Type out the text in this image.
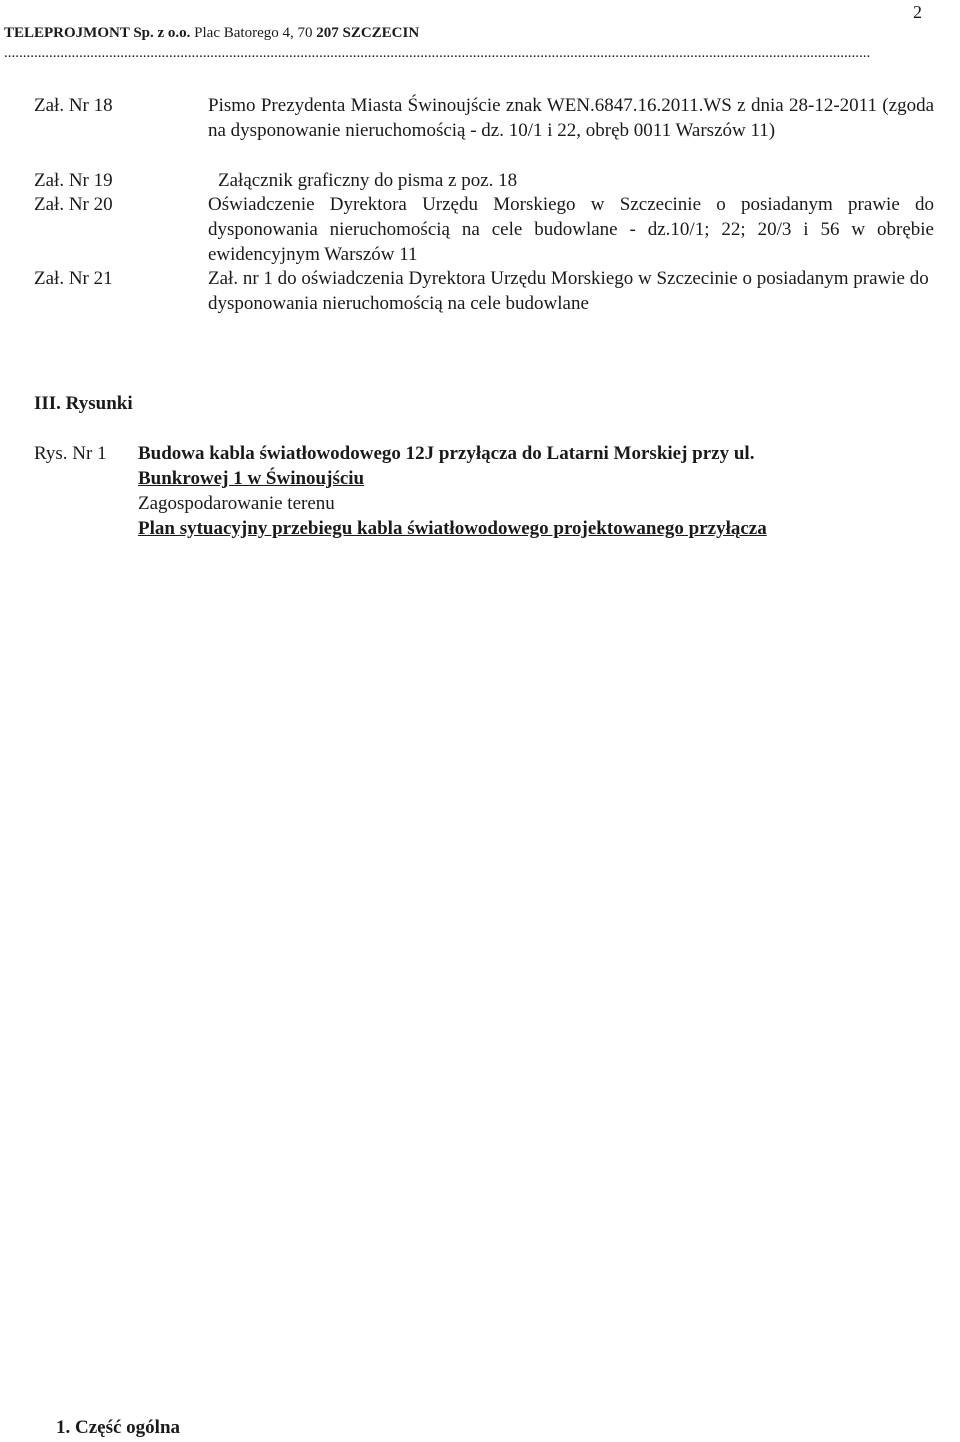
2
TELEPROJMONT Sp. z o.o. Plac Batorego 4, 70 207 SZCZECIN
.......................................................................................................................................................................................................................................
Zał. Nr 18	Pismo Prezydenta Miasta Świnoujście znak WEN.6847.16.2011.WS z dnia 28-12-2011 (zgoda na dysponowanie nieruchomością - dz. 10/1 i 22, obręb 0011 Warszów 11)
Zał. Nr 19	Załącznik graficzny do pisma z poz. 18
Zał. Nr 20	Oświadczenie Dyrektora Urzędu Morskiego w Szczecinie o posiadanym prawie do dysponowania nieruchomością na cele budowlane - dz.10/1; 22; 20/3 i 56 w obrębie ewidencyjnym Warszów 11
Zał. Nr 21	Zał. nr 1 do oświadczenia Dyrektora Urzędu Morskiego w Szczecinie o posiadanym prawie do dysponowania nieruchomością na cele budowlane
III. Rysunki
Rys. Nr 1 Budowa kabla światłowodowego 12J przyłącza do Latarni Morskiej przy ul.
Bunkrowej 1 w Świnoujściu
Zagospodarowanie terenu
Plan sytuacyjny przebiegu kabla światłowodowego projektowanego przyłącza
1. Część ogólna
